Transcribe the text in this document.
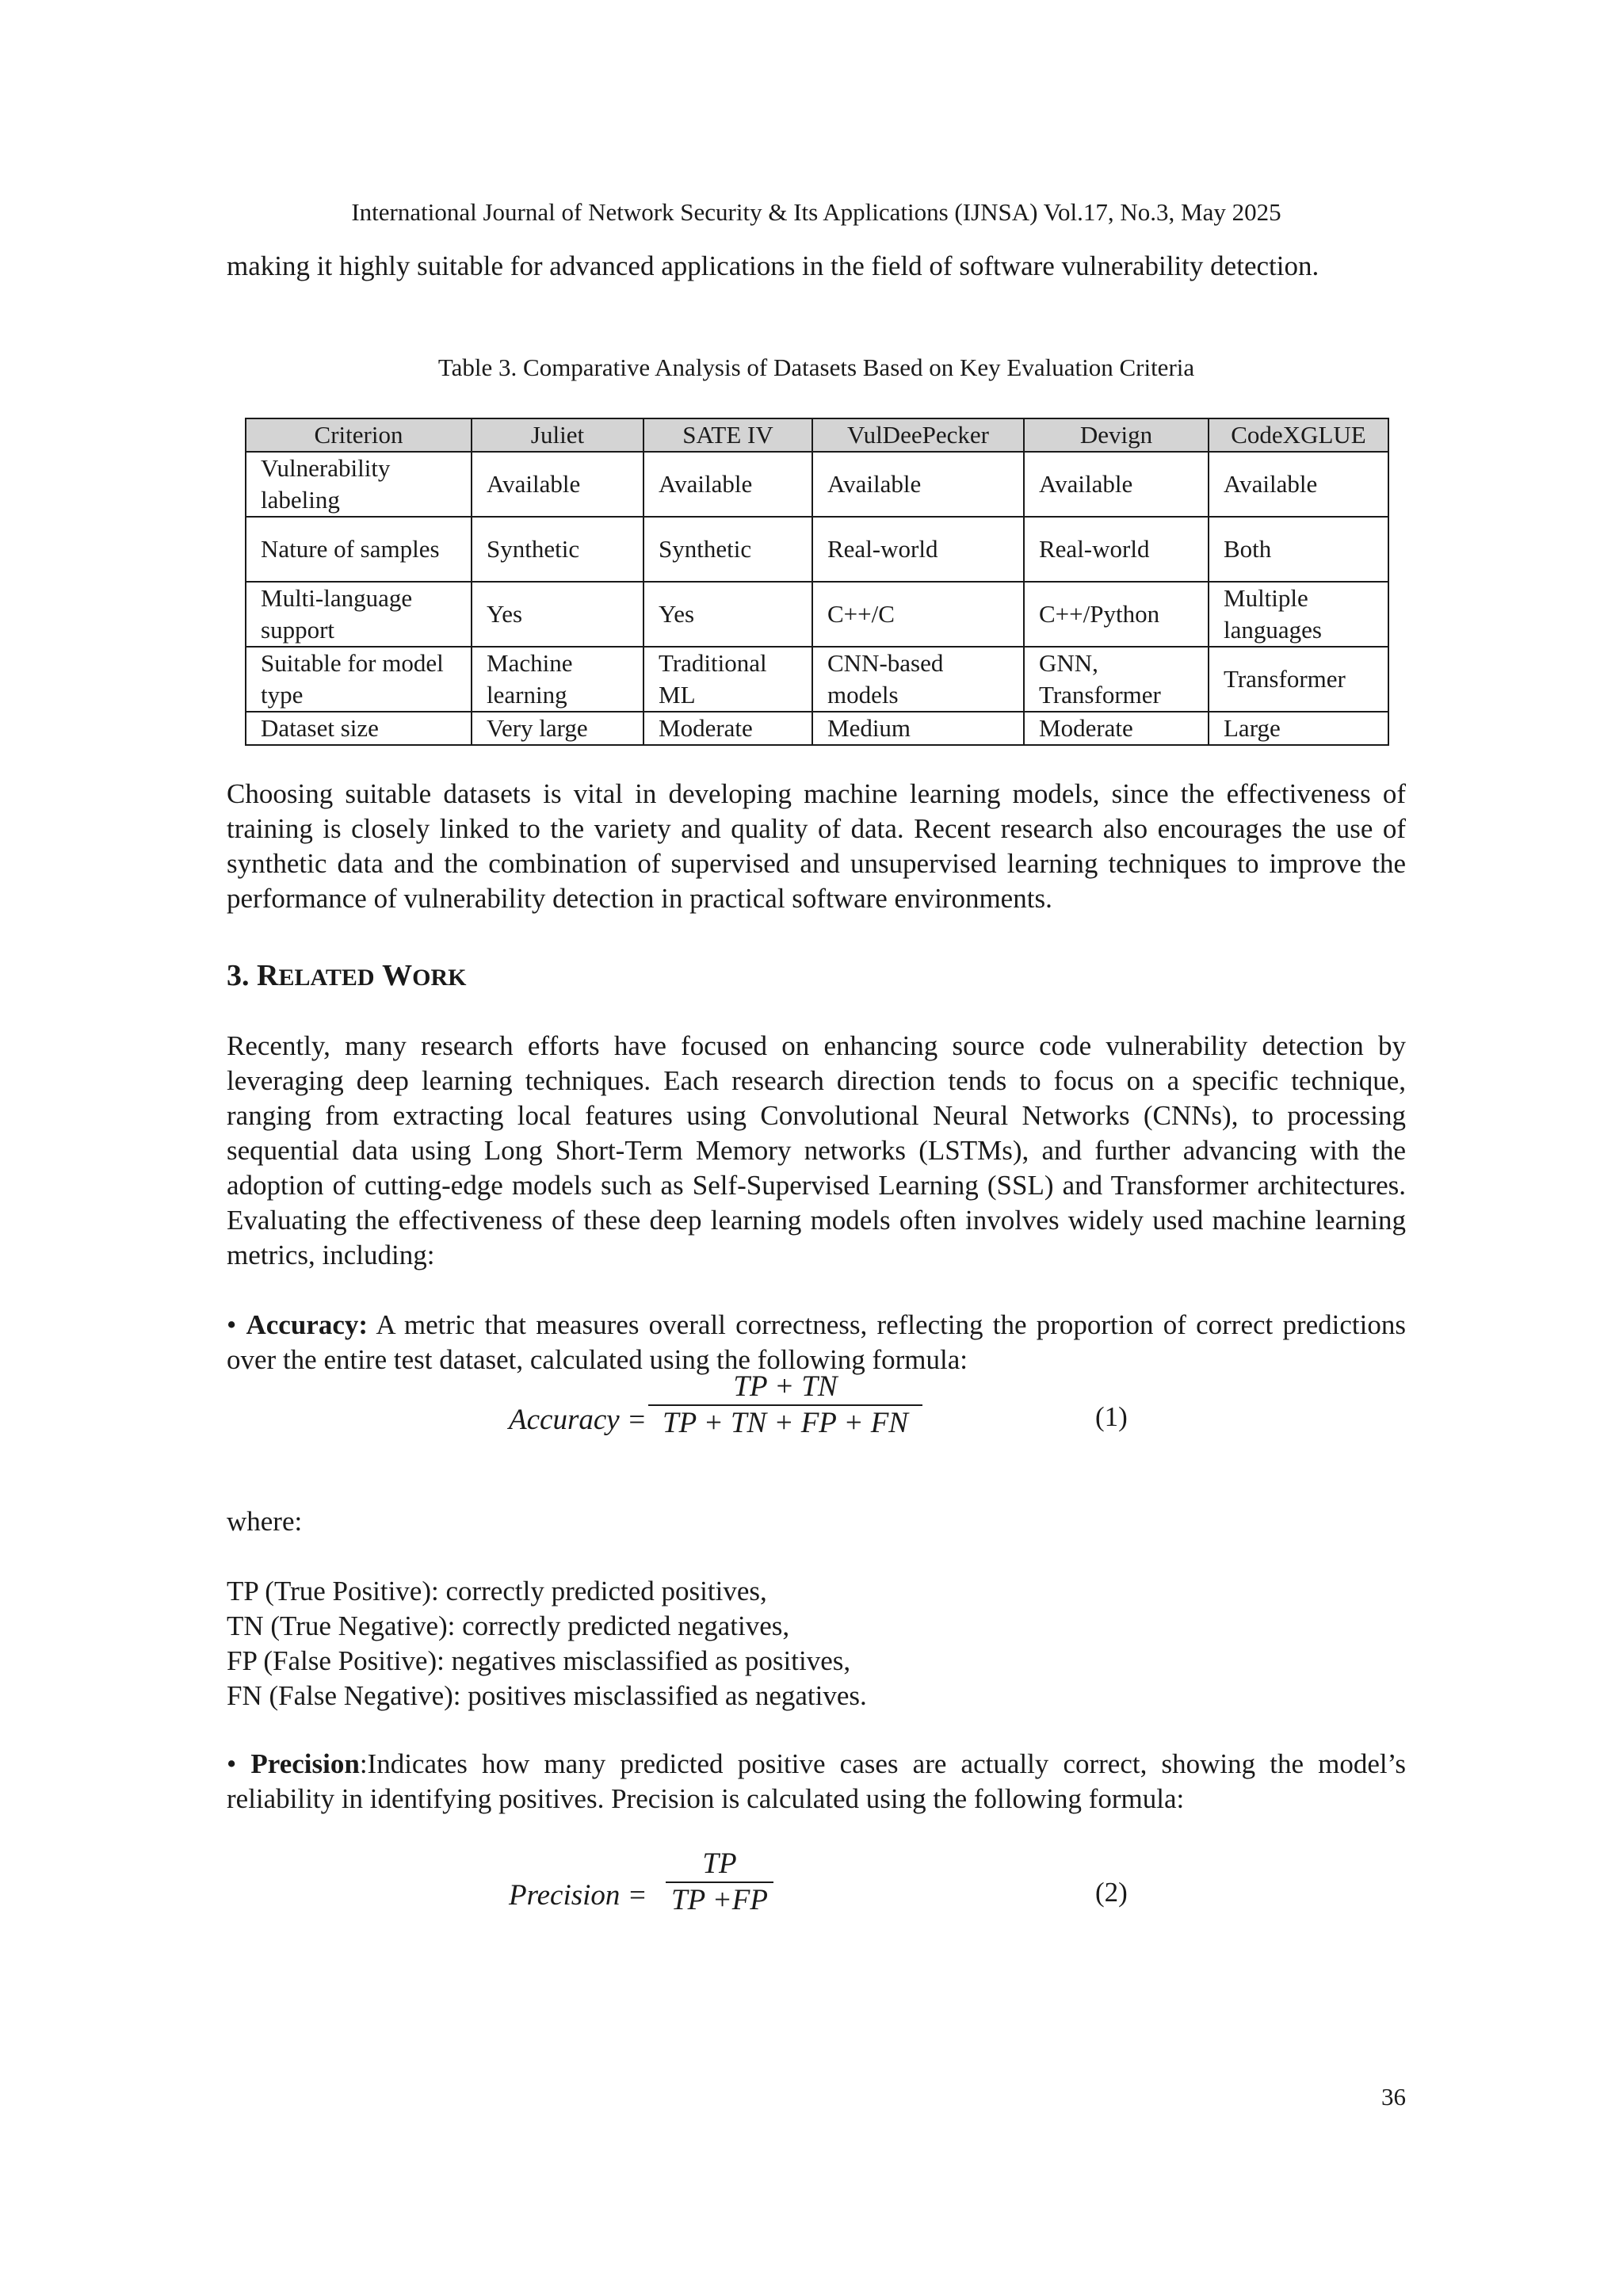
International Journal of Network Security & Its Applications (IJNSA) Vol.17, No.3, May 2025

making it highly suitable for advanced applications in the field of software vulnerability detection.

Table 3. Comparative Analysis of Datasets Based on Key Evaluation Criteria
Criterion	Juliet	SATE IV	VulDeePecker	Devign	CodeXGLUE
Vulnerability labeling	Available	Available	Available	Available	Available
Nature of samples	Synthetic	Synthetic	Real-world	Real-world	Both
Multi-language support	Yes	Yes	C++/C	C++/Python	Multiple languages
Suitable for model type	Machine learning	Traditional ML	CNN-based models	GNN, Transformer	Transformer
Dataset size	Very large	Moderate	Medium	Moderate	Large

Choosing suitable datasets is vital in developing machine learning models, since the effectiveness of training is closely linked to the variety and quality of data. Recent research also encourages the use of synthetic data and the combination of supervised and unsupervised learning techniques to improve the performance of vulnerability detection in practical software environments.

3. RELATED WORK

Recently, many research efforts have focused on enhancing source code vulnerability detection by leveraging deep learning techniques. Each research direction tends to focus on a specific technique, ranging from extracting local features using Convolutional Neural Networks (CNNs), to processing sequential data using Long Short-Term Memory networks (LSTMs), and further advancing with the adoption of cutting-edge models such as Self-Supervised Learning (SSL) and Transformer architectures. Evaluating the effectiveness of these deep learning models often involves widely used machine learning metrics, including:

• Accuracy: A metric that measures overall correctness, reflecting the proportion of correct predictions over the entire test dataset, calculated using the following formula:

Accuracy =
TP + TN
TP + TN + FP + FN	(1)
where:
TP (True Positive): correctly predicted positives,
TN (True Negative): correctly predicted negatives,
FP (False Positive): negatives misclassified as positives,
FN (False Negative): positives misclassified as negatives.

• Precision:Indicates how many predicted positive cases are actually correct, showing the model’s reliability in identifying positives. Precision is calculated using the following formula:

Precision =
TP
TP +FP	(2)
36
